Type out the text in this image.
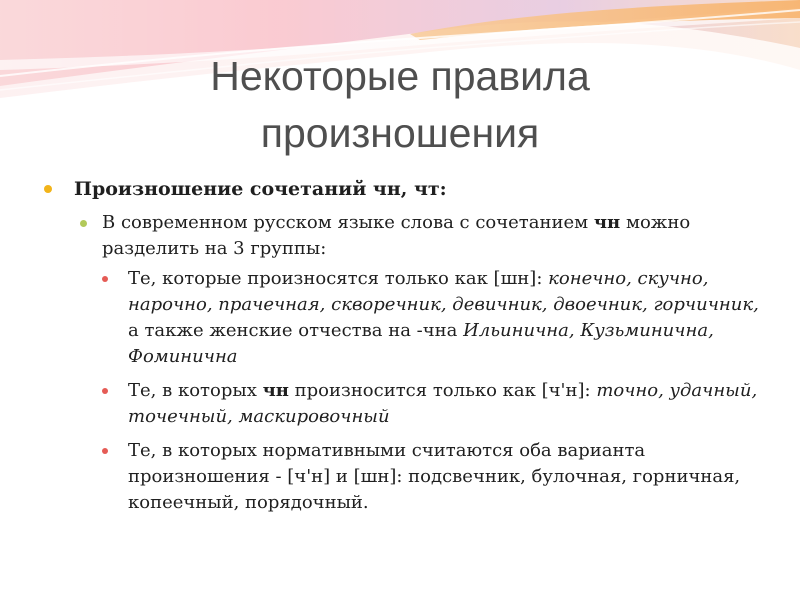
Некоторые правила
произношения
Произношение сочетаний чн, чт:
В современном русском языке слова с сочетанием чн можно разделить на 3 группы:
Те, которые произносятся только как [шн]: конечно, скучно, нарочно, прачечная, скворечник, девичник, двоечник, горчичник, а также женские отчества на -чна Ильинична, Кузьминична, Фоминична
Те, в которых чн произносится только как [ч'н]: точно, удачный, точечный, маскировочный
Те, в которых нормативными считаются оба варианта произношения - [ч'н] и [шн]: подсвечник, булочная, горничная, копеечный, порядочный.
